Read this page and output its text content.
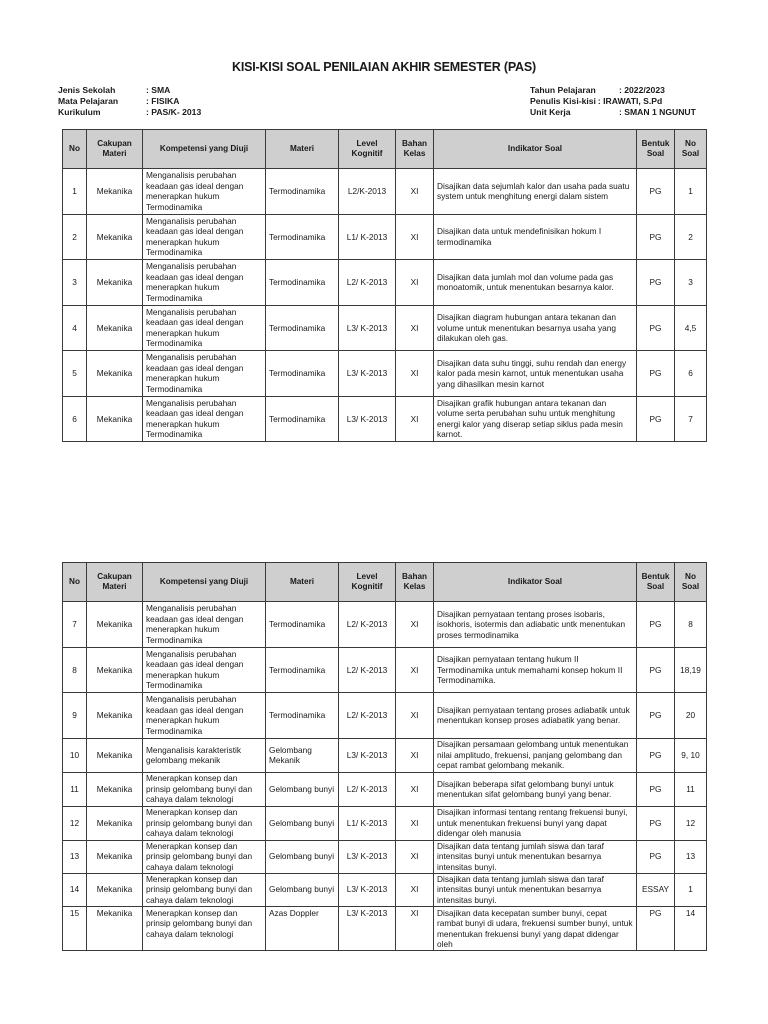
KISI-KISI SOAL PENILAIAN AKHIR SEMESTER (PAS)
Jenis Sekolah	: SMA
Mata Pelajaran	: FISIKA
Kurikulum	: PAS/K- 2013
Tahun Pelajaran	: 2022/2023
Penulis Kisi-kisi : IRAWATI, S.Pd
Unit Kerja	: SMAN 1 NGUNUT
No	Cakupan Materi	Kompetensi yang Diuji	Materi	Level Kognitif	Bahan Kelas	Indikator Soal	Bentuk Soal	No Soal

1	Mekanika	Menganalisis perubahan keadaan gas ideal dengan menerapkan hukum Termodinamika	Termodinamika	L2/K-2013	XI	Disajikan data sejumlah kalor dan usaha pada suatu system untuk menghitung energi dalam sistem	PG	1

2	Mekanika	Menganalisis perubahan keadaan gas ideal dengan menerapkan hukum Termodinamika	Termodinamika	L1/ K-2013	XI	Disajikan data untuk mendefinisikan hokum I termodinamika	PG	2

3	Mekanika	Menganalisis perubahan keadaan gas ideal dengan menerapkan hukum Termodinamika	Termodinamika	L2/ K-2013	XI	Disajikan data jumlah mol dan volume pada gas monoatomik, untuk menentukan besarnya kalor.	PG	3

4	Mekanika	Menganalisis perubahan keadaan gas ideal dengan menerapkan hukum Termodinamika	Termodinamika	L3/ K-2013	XI	Disajikan diagram hubungan antara tekanan dan volume untuk menentukan besarnya usaha yang dilakukan oleh gas.	PG	4,5

5	Mekanika	Menganalisis perubahan keadaan gas ideal dengan menerapkan hukum Termodinamika	Termodinamika	L3/ K-2013	XI	Disajikan data suhu tinggi, suhu rendah dan energy kalor pada mesin karnot, untuk menentukan usaha yang dihasilkan mesin karnot	PG	6

6	Mekanika	Menganalisis perubahan keadaan gas ideal dengan menerapkan hukum Termodinamika	Termodinamika	L3/ K-2013	XI	Disajikan grafik hubungan antara tekanan dan volume serta perubahan suhu untuk menghitung energi kalor yang diserap setiap siklus pada mesin karnot.	PG	7
No	Cakupan Materi	Kompetensi yang Diuji	Materi	Level Kognitif	Bahan Kelas	Indikator Soal	Bentuk Soal	No Soal

7	Mekanika	Menganalisis perubahan keadaan gas ideal dengan menerapkan hukum Termodinamika	Termodinamika	L2/ K-2013	XI	Disajikan pernyataan tentang proses isobaris, isokhoris, isotermis dan adiabatic untk menentukan proses termodinamika	PG	8

8	Mekanika	Menganalisis perubahan keadaan gas ideal dengan menerapkan hukum Termodinamika	Termodinamika	L2/ K-2013	XI	Disajikan pernyataan tentang hukum II Termodinamika untuk memahami konsep hokum II Termodinamika.	PG	18,19

9	Mekanika	Menganalisis perubahan keadaan gas ideal dengan menerapkan hukum Termodinamika	Termodinamika	L2/ K-2013	XI	Disajikan pernyataan tentang proses adiabatik untuk menentukan konsep proses adiabatik yang benar.	PG	20

10	Mekanika	Menganalisis karakteristik gelombang mekanik	Gelombang Mekanik	L3/ K-2013	XI	Disajikan persamaan gelombang untuk menentukan nilai amplitudo, frekuensi, panjang gelombang dan cepat rambat gelombang mekanik.	PG	9, 10

11	Mekanika	Menerapkan konsep dan prinsip gelombang bunyi dan cahaya dalam teknologi	Gelombang bunyi	L2/ K-2013	XI	Disajikan beberapa sifat gelombang bunyi untuk menentukan sifat gelombang bunyi yang benar.	PG	11

12	Mekanika	Menerapkan konsep dan prinsip gelombang bunyi dan cahaya dalam teknologi	Gelombang bunyi	L1/ K-2013	XI	Disajikan informasi tentang rentang frekuensi bunyi, untuk menentukan frekuensi bunyi yang dapat didengar oleh manusia	PG	12

13	Mekanika	Menerapkan konsep dan prinsip gelombang bunyi dan cahaya dalam teknologi	Gelombang bunyi	L3/ K-2013	XI	Disajikan data tentang jumlah siswa dan taraf intensitas bunyi untuk menentukan besarnya intensitas bunyi.	PG	13

14	Mekanika	Menerapkan konsep dan prinsip gelombang bunyi dan cahaya dalam teknologi	Gelombang bunyi	L3/ K-2013	XI	Disajikan data tentang jumlah siswa dan taraf intensitas bunyi untuk menentukan besarnya intensitas bunyi.	ESSAY	1

15	Mekanika	Menerapkan konsep dan prinsip gelombang bunyi dan cahaya dalam teknologi	Azas Doppler	L3/ K-2013	XI	Disajikan data kecepatan sumber bunyi, cepat rambat bunyi di udara, frekuensi sumber bunyi, untuk menentukan frekuensi bunyi yang dapat didengar oleh	PG	14
